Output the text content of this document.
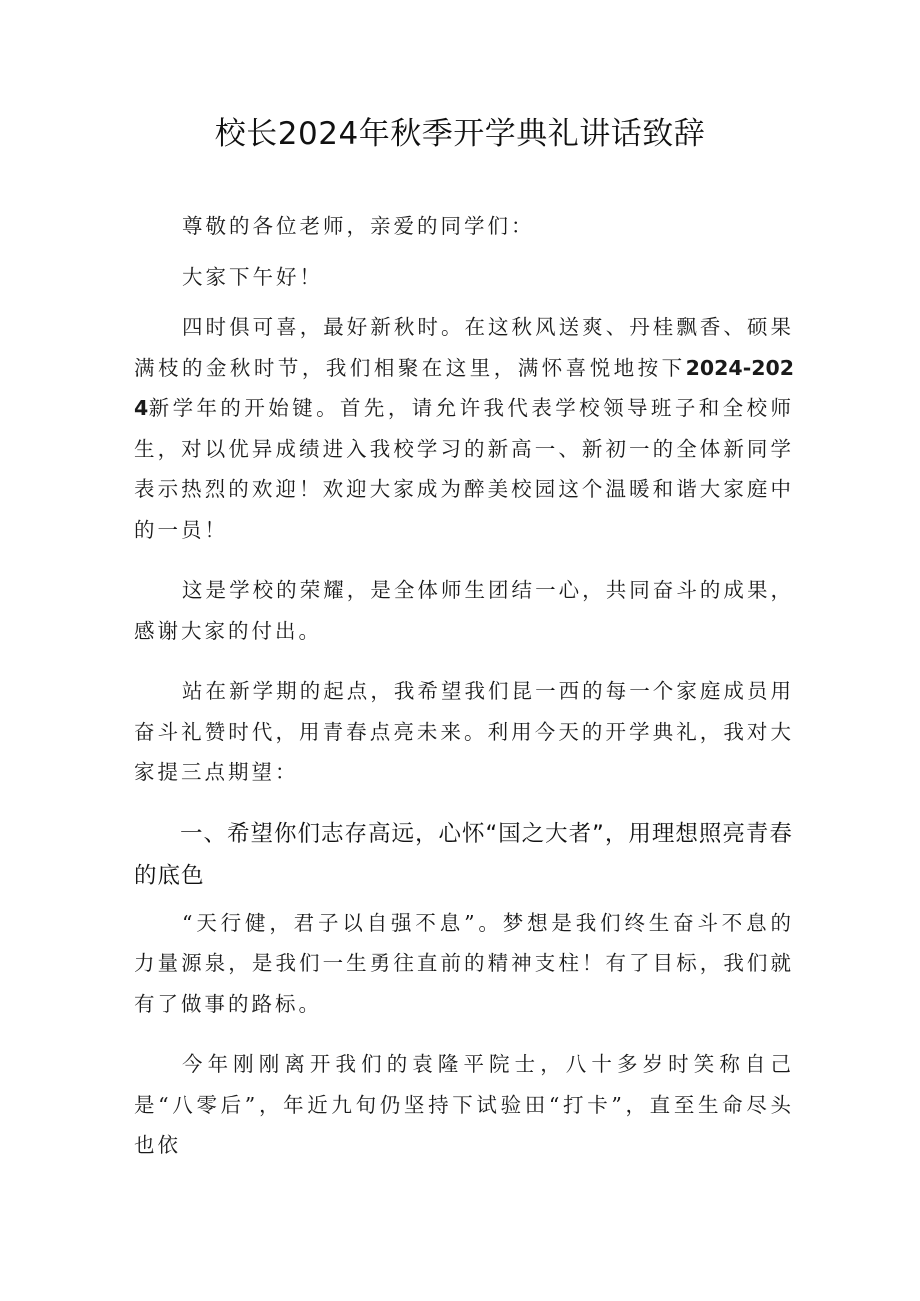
校长2024年秋季开学典礼讲话致辞

尊敬的各位老师，亲爱的同学们：

大家下午好！

四时俱可喜，最好新秋时。在这秋风送爽、丹桂飘香、硕果满枝的金秋时节，我们相聚在这里，满怀喜悦地按下2024-2024新学年的开始键。首先，请允许我代表学校领导班子和全校师生，对以优异成绩进入我校学习的新高一、新初一的全体新同学表示热烈的欢迎！欢迎大家成为醉美校园这个温暖和谐大家庭中的一员！

这是学校的荣耀，是全体师生团结一心，共同奋斗的成果，感谢大家的付出。

站在新学期的起点，我希望我们昆一西的每一个家庭成员用奋斗礼赞时代，用青春点亮未来。利用今天的开学典礼，我对大家提三点期望：

一、希望你们志存高远，心怀“国之大者”，用理想照亮青春的底色

“天行健，君子以自强不息”。梦想是我们终生奋斗不息的力量源泉，是我们一生勇往直前的精神支柱！有了目标，我们就有了做事的路标。

今年刚刚离开我们的袁隆平院士，八十多岁时笑称自己是“八零后”，年近九旬仍坚持下试验田“打卡”，直至生命尽头也依
